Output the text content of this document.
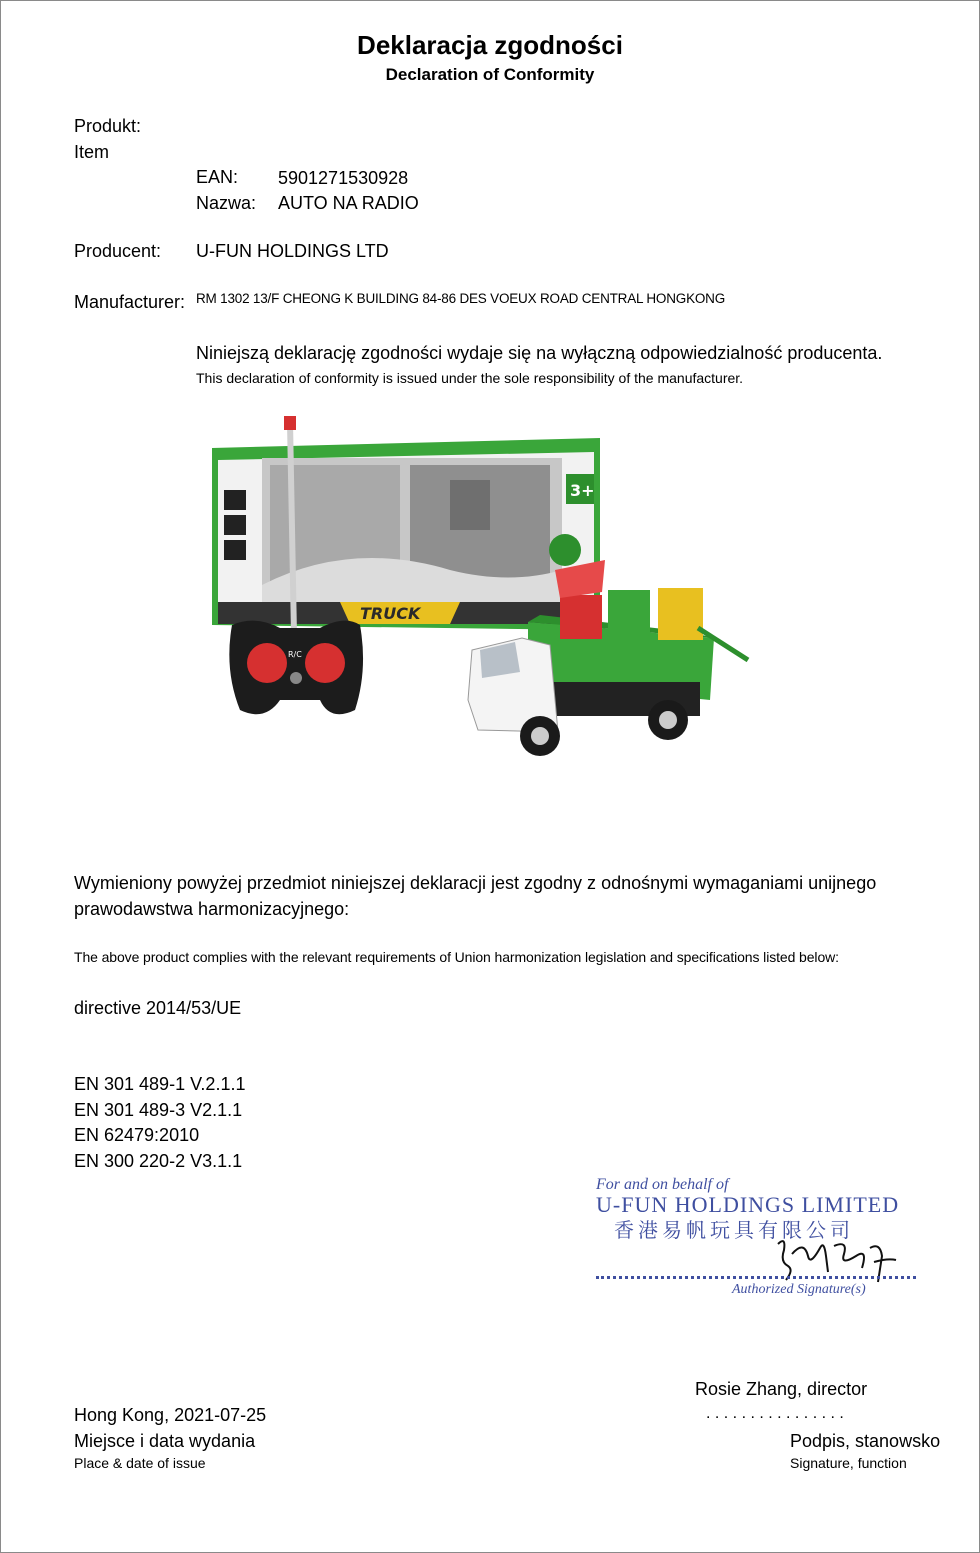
Deklaracja zgodności
Declaration of Conformity
Produkt:
Item
EAN: 5901271530928
Nazwa: AUTO NA RADIO
Producent: U-FUN HOLDINGS LTD
Manufacturer: RM 1302 13/F CHEONG K BUILDING 84-86 DES VOEUX ROAD CENTRAL HONGKONG
Niniejszą deklarację zgodności wydaje się na wyłączną odpowiedzialność producenta.
This declaration of conformity is issued under the sole responsibility of the manufacturer.
3+
TRUCK
R/C
Wymieniony powyżej przedmiot niniejszej deklaracji jest zgodny z odnośnymi wymaganiami unijnego
prawodawstwa harmonizacyjnego:
The above product complies with the relevant requirements of Union harmonization legislation and specifications listed below:
directive 2014/53/UE
EN 301 489-1 V.2.1.1
EN 301 489-3 V2.1.1
EN 62479:2010
EN 300 220-2 V3.1.1
For and on behalf of
U-FUN HOLDINGS LIMITED
香港易帆玩具有限公司
Authorized Signature(s)
Rosie Zhang, director
. . . . . . . . . . . . . . . .
Podpis, stanowsko
Signature, function
Hong Kong, 2021-07-25
Miejsce i data wydania
Place & date of issue
